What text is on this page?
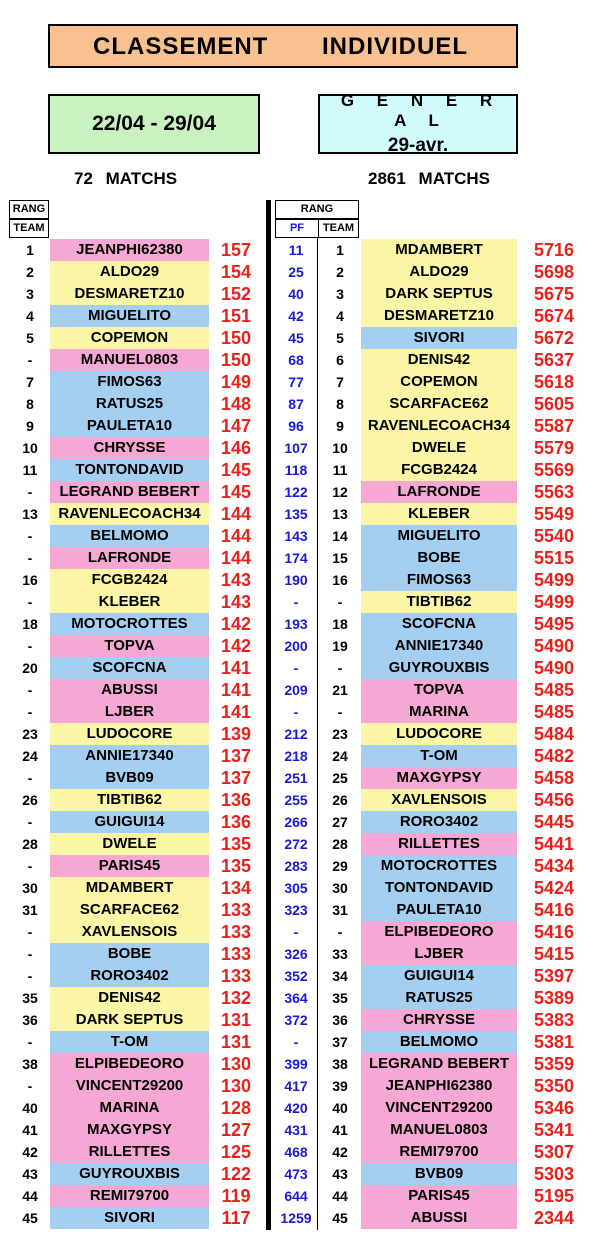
CLASSEMENT INDIVIDUEL
22/04 - 29/04
G E N E R A L
29-avr.
72 MATCHS	2861 MATCHS
RANG
TEAM
RANG
PF	TEAM
1	JEANPHI62380	157	11	1	MDAMBERT	5716
2	ALDO29	154	25	2	ALDO29	5698
3	DESMARETZ10	152	40	3	DARK SEPTUS	5675
4	MIGUELITO	151	42	4	DESMARETZ10	5674
5	COPEMON	150	45	5	SIVORI	5672
-	MANUEL0803	150	68	6	DENIS42	5637
7	FIMOS63	149	77	7	COPEMON	5618
8	RATUS25	148	87	8	SCARFACE62	5605
9	PAULETA10	147	96	9	RAVENLECOACH34	5587
10	CHRYSSE	146	107	10	DWELE	5579
11	TONTONDAVID	145	118	11	FCGB2424	5569
-	LEGRAND BEBERT	145	122	12	LAFRONDE	5563
13	RAVENLECOACH34	144	135	13	KLEBER	5549
-	BELMOMO	144	143	14	MIGUELITO	5540
-	LAFRONDE	144	174	15	BOBE	5515
16	FCGB2424	143	190	16	FIMOS63	5499
-	KLEBER	143	-	-	TIBTIB62	5499
18	MOTOCROTTES	142	193	18	SCOFCNA	5495
-	TOPVA	142	200	19	ANNIE17340	5490
20	SCOFCNA	141	-	-	GUYROUXBIS	5490
-	ABUSSI	141	209	21	TOPVA	5485
-	LJBER	141	-	-	MARINA	5485
23	LUDOCORE	139	212	23	LUDOCORE	5484
24	ANNIE17340	137	218	24	T-OM	5482
-	BVB09	137	251	25	MAXGYPSY	5458
26	TIBTIB62	136	255	26	XAVLENSOIS	5456
-	GUIGUI14	136	266	27	RORO3402	5445
28	DWELE	135	272	28	RILLETTES	5441
-	PARIS45	135	283	29	MOTOCROTTES	5434
30	MDAMBERT	134	305	30	TONTONDAVID	5424
31	SCARFACE62	133	323	31	PAULETA10	5416
-	XAVLENSOIS	133	-	-	ELPIBEDEORO	5416
-	BOBE	133	326	33	LJBER	5415
-	RORO3402	133	352	34	GUIGUI14	5397
35	DENIS42	132	364	35	RATUS25	5389
36	DARK SEPTUS	131	372	36	CHRYSSE	5383
-	T-OM	131	-	37	BELMOMO	5381
38	ELPIBEDEORO	130	399	38	LEGRAND BEBERT	5359
-	VINCENT29200	130	417	39	JEANPHI62380	5350
40	MARINA	128	420	40	VINCENT29200	5346
41	MAXGYPSY	127	431	41	MANUEL0803	5341
42	RILLETTES	125	468	42	REMI79700	5307
43	GUYROUXBIS	122	473	43	BVB09	5303
44	REMI79700	119	644	44	PARIS45	5195
45	SIVORI	117	1259	45	ABUSSI	2344
